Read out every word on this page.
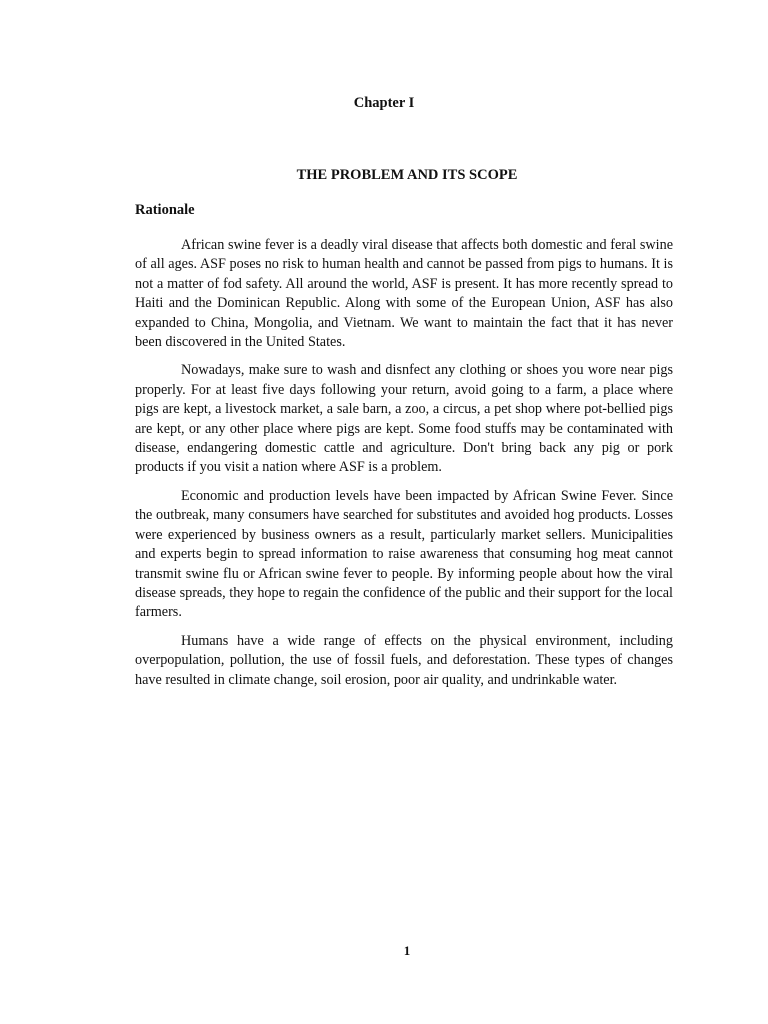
Chapter I
THE PROBLEM AND ITS SCOPE
Rationale

African swine fever is a deadly viral disease that affects both domestic and feral swine of all ages. ASF poses no risk to human health and cannot be passed from pigs to humans. It is not a matter of fod safety. All around the world, ASF is present. It has more recently spread to Haiti and the Dominican Republic. Along with some of the European Union, ASF has also expanded to China, Mongolia, and Vietnam. We want to maintain the fact that it has never been discovered in the United States.

Nowadays, make sure to wash and disnfect any clothing or shoes you wore near pigs properly. For at least five days following your return, avoid going to a farm, a place where pigs are kept, a livestock market, a sale barn, a zoo, a circus, a pet shop where pot-bellied pigs are kept, or any other place where pigs are kept. Some food stuffs may be contaminated with disease, endangering domestic cattle and agriculture. Don't bring back any pig or pork products if you visit a nation where ASF is a problem.

Economic and production levels have been impacted by African Swine Fever. Since the outbreak, many consumers have searched for substitutes and avoided hog products. Losses were experienced by business owners as a result, particularly market sellers. Municipalities and experts begin to spread information to raise awareness that consuming hog meat cannot transmit swine flu or African swine fever to people. By informing people about how the viral disease spreads, they hope to regain the confidence of the public and their support for the local farmers.

Humans have a wide range of effects on the physical environment, including overpopulation, pollution, the use of fossil fuels, and deforestation. These types of changes have resulted in climate change, soil erosion, poor air quality, and undrinkable water.

1
